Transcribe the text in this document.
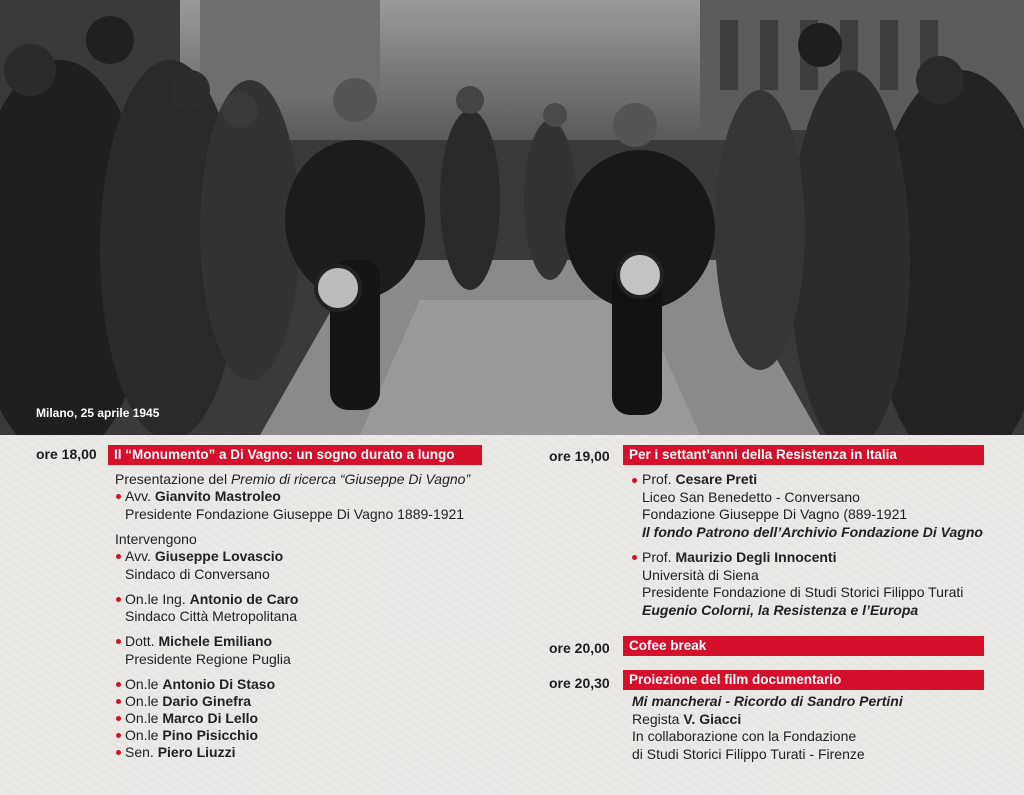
Milano, 25 aprile 1945
ore 18,00	Il “Monumento” a Di Vagno: un sogno durato a lungo
Presentazione del Premio di ricerca “Giuseppe Di Vagno”
Avv. Gianvito Mastroleo
Presidente Fondazione Giuseppe Di Vagno 1889-1921
Intervengono
Avv. Giuseppe Lovascio
Sindaco di Conversano
On.le Ing. Antonio de Caro
Sindaco Città Metropolitana
Dott. Michele Emiliano
Presidente Regione Puglia
On.le Antonio Di Staso
On.le Dario Ginefra
On.le Marco Di Lello
On.le Pino Pisicchio
Sen. Piero Liuzzi
ore 19,00	Per i settant’anni della Resistenza in Italia
Prof. Cesare Preti
Liceo San Benedetto - Conversano
Fondazione Giuseppe Di Vagno (889-1921
Il fondo Patrono dell’Archivio Fondazione Di Vagno
Prof. Maurizio Degli Innocenti
Università di Siena
Presidente Fondazione di Studi Storici Filippo Turati
Eugenio Colorni, la Resistenza e l’Europa
ore 20,00	Cofee break
ore 20,30	Proiezione del film documentario
Mi mancherai - Ricordo di Sandro Pertini
Regista V. Giacci
In collaborazione con la Fondazione
di Studi Storici Filippo Turati - Firenze
